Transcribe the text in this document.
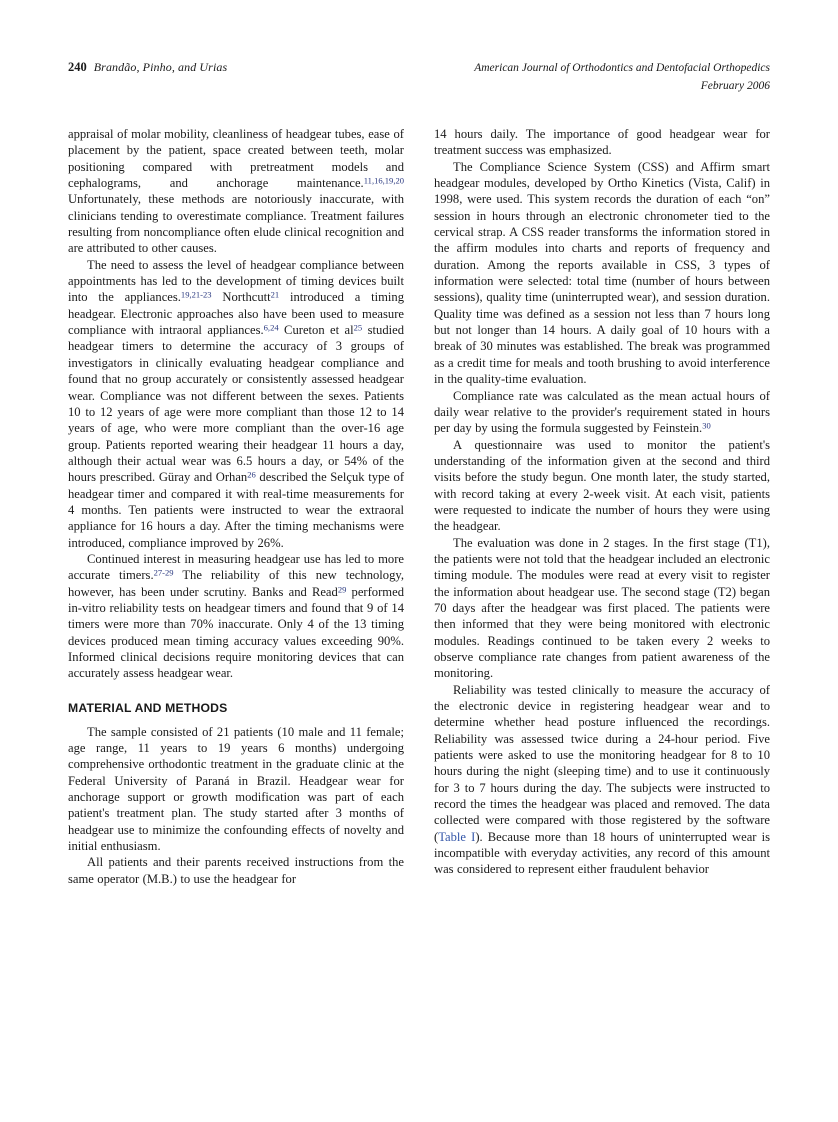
240 Brandão, Pinho, and Urias	American Journal of Orthodontics and Dentofacial Orthopedics
February 2006

appraisal of molar mobility, cleanliness of headgear tubes, ease of placement by the patient, space created between teeth, molar positioning compared with pretreatment models and cephalograms, and anchorage maintenance.$^{11,16,19,20}$ Unfortunately, these methods are notoriously inaccurate, with clinicians tending to overestimate compliance. Treatment failures resulting from noncompliance often elude clinical recognition and are attributed to other causes.

The need to assess the level of headgear compliance between appointments has led to the development of timing devices built into the appliances.$^{19,21-23}$ Northcutt$^{21}$ introduced a timing headgear. Electronic approaches also have been used to measure compliance with intraoral appliances.$^{6,24}$ Cureton et al$^{25}$ studied headgear timers to determine the accuracy of 3 groups of investigators in clinically evaluating headgear compliance and found that no group accurately or consistently assessed headgear wear. Compliance was not different between the sexes. Patients 10 to 12 years of age were more compliant than those 12 to 14 years of age, who were more compliant than the over-16 age group. Patients reported wearing their headgear 11 hours a day, although their actual wear was 6.5 hours a day, or 54% of the hours prescribed. Güray and Orhan$^{26}$ described the Selçuk type of headgear timer and compared it with real-time measurements for 4 months. Ten patients were instructed to wear the extraoral appliance for 16 hours a day. After the timing mechanisms were introduced, compliance improved by 26%.

Continued interest in measuring headgear use has led to more accurate timers.$^{27-29}$ The reliability of this new technology, however, has been under scrutiny. Banks and Read$^{29}$ performed in-vitro reliability tests on headgear timers and found that 9 of 14 timers were more than 70% inaccurate. Only 4 of the 13 timing devices produced mean timing accuracy values exceeding 90%. Informed clinical decisions require monitoring devices that can accurately assess headgear wear.

MATERIAL AND METHODS

The sample consisted of 21 patients (10 male and 11 female; age range, 11 years to 19 years 6 months) undergoing comprehensive orthodontic treatment in the graduate clinic at the Federal University of Paraná in Brazil. Headgear wear for anchorage support or growth modification was part of each patient's treatment plan. The study started after 3 months of headgear use to minimize the confounding effects of novelty and initial enthusiasm.

All patients and their parents received instructions from the same operator (M.B.) to use the headgear for

14 hours daily. The importance of good headgear wear for treatment success was emphasized.

The Compliance Science System (CSS) and Affirm smart headgear modules, developed by Ortho Kinetics (Vista, Calif) in 1998, were used. This system records the duration of each “on” session in hours through an electronic chronometer tied to the cervical strap. A CSS reader transforms the information stored in the affirm modules into charts and reports of frequency and duration. Among the reports available in CSS, 3 types of information were selected: total time (number of hours between sessions), quality time (uninterrupted wear), and session duration. Quality time was defined as a session not less than 7 hours long but not longer than 14 hours. A daily goal of 10 hours with a break of 30 minutes was established. The break was programmed as a credit time for meals and tooth brushing to avoid interference in the quality-time evaluation.

Compliance rate was calculated as the mean actual hours of daily wear relative to the provider's requirement stated in hours per day by using the formula suggested by Feinstein.$^{30}$

A questionnaire was used to monitor the patient's understanding of the information given at the second and third visits before the study begun. One month later, the study started, with record taking at every 2-week visit. At each visit, patients were requested to indicate the number of hours they were using the headgear.

The evaluation was done in 2 stages. In the first stage (T1), the patients were not told that the headgear included an electronic timing module. The modules were read at every visit to register the information about headgear use. The second stage (T2) began 70 days after the headgear was first placed. The patients were then informed that they were being monitored with electronic modules. Readings continued to be taken every 2 weeks to observe compliance rate changes from patient awareness of the monitoring.

Reliability was tested clinically to measure the accuracy of the electronic device in registering headgear wear and to determine whether head posture influenced the recordings. Reliability was assessed twice during a 24-hour period. Five patients were asked to use the monitoring headgear for 8 to 10 hours during the night (sleeping time) and to use it continuously for 3 to 7 hours during the day. The subjects were instructed to record the times the headgear was placed and removed. The data collected were compared with those registered by the software (Table I). Because more than 18 hours of uninterrupted wear is incompatible with everyday activities, any record of this amount was considered to represent either fraudulent behavior
